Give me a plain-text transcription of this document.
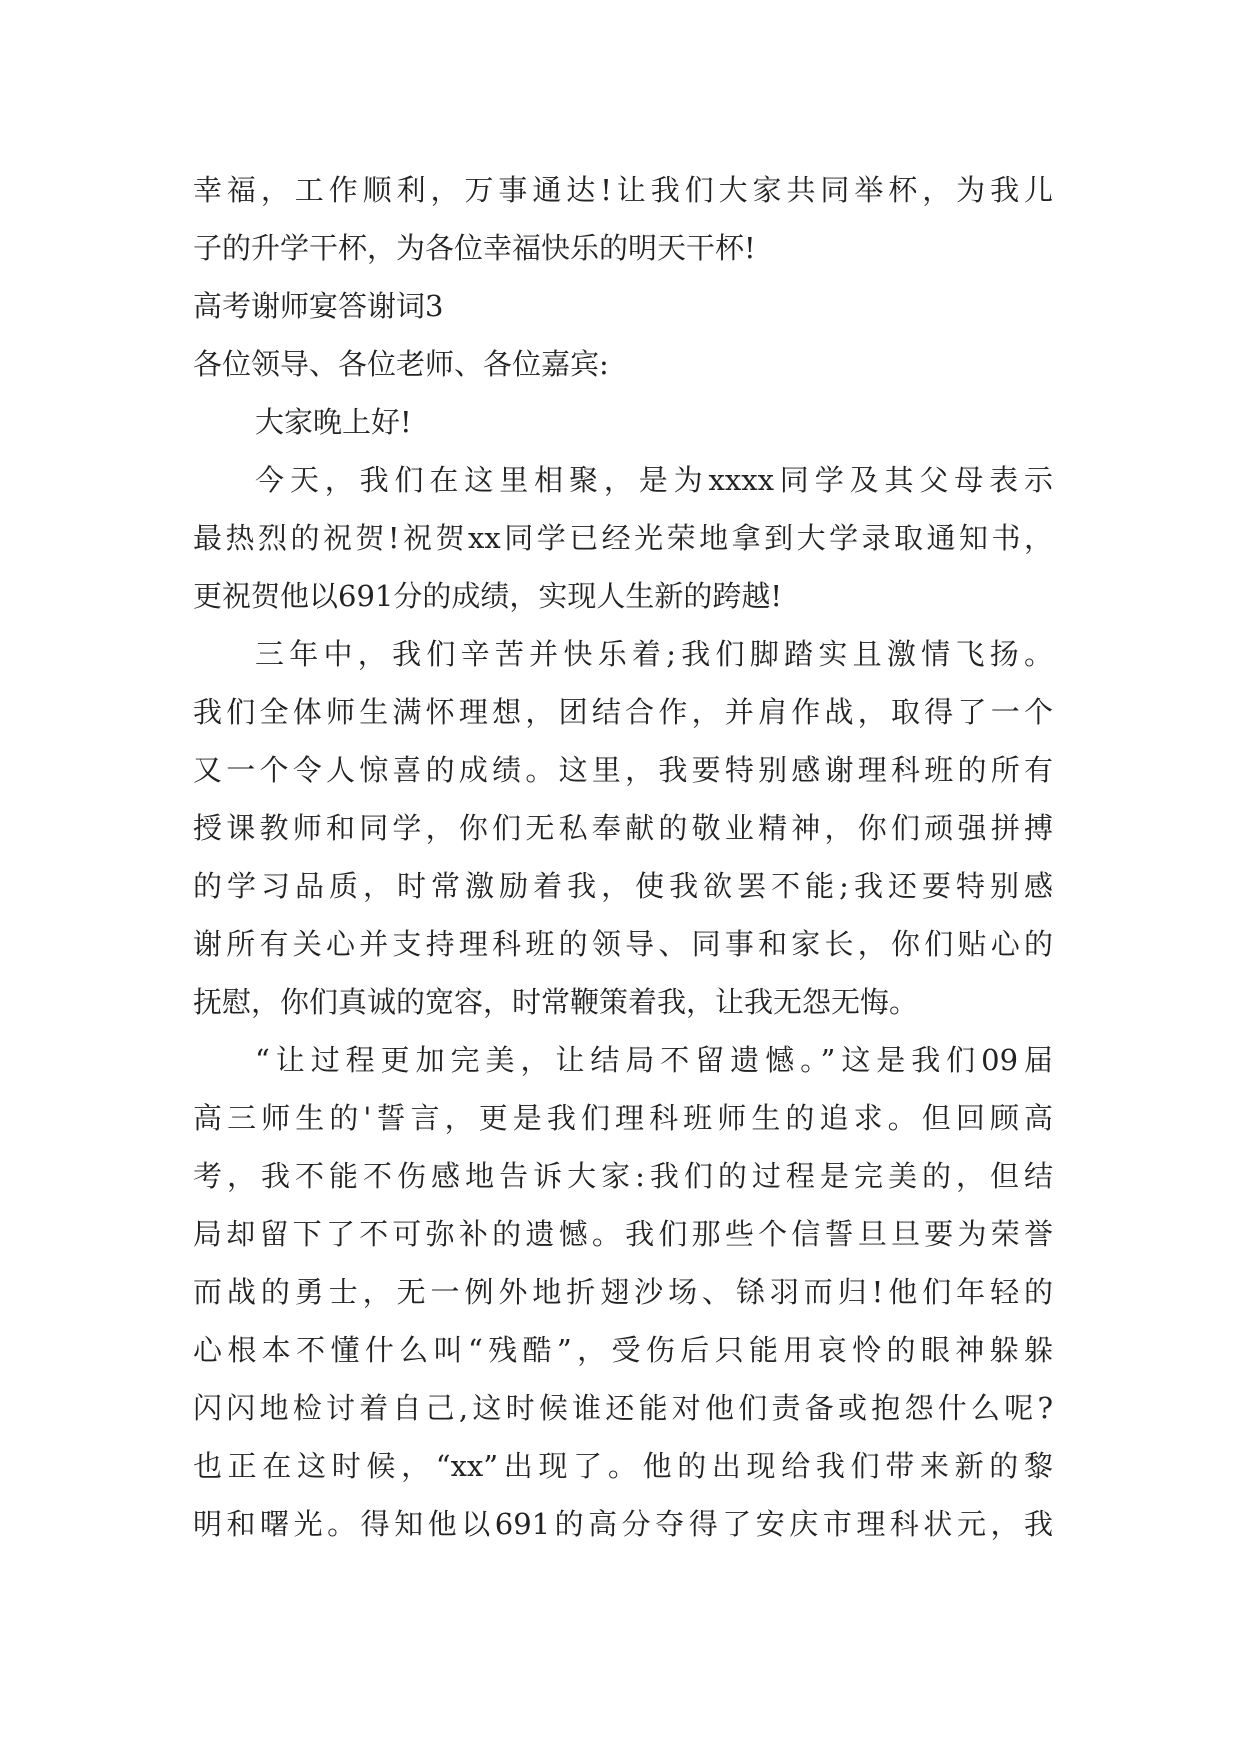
幸福，工作顺利，万事通达!让我们大家共同举杯，为我儿
子的升学干杯，为各位幸福快乐的明天干杯!
高考谢师宴答谢词3
各位领导、各位老师、各位嘉宾:
大家晚上好!
今天，我们在这里相聚，是为xxxx同学及其父母表示
最热烈的祝贺!祝贺xx同学已经光荣地拿到大学录取通知书，
更祝贺他以691分的成绩，实现人生新的跨越!
三年中，我们辛苦并快乐着;我们脚踏实且激情飞扬。
我们全体师生满怀理想，团结合作，并肩作战，取得了一个
又一个令人惊喜的成绩。这里，我要特别感谢理科班的所有
授课教师和同学，你们无私奉献的敬业精神，你们顽强拼搏
的学习品质，时常激励着我，使我欲罢不能;我还要特别感
谢所有关心并支持理科班的领导、同事和家长，你们贴心的
抚慰，你们真诚的宽容，时常鞭策着我，让我无怨无悔。
“让过程更加完美，让结局不留遗憾。”这是我们09届
高三师生的'誓言，更是我们理科班师生的追求。但回顾高
考，我不能不伤感地告诉大家:我们的过程是完美的，但结
局却留下了不可弥补的遗憾。我们那些个信誓旦旦要为荣誉
而战的勇士，无一例外地折翅沙场、铩羽而归!他们年轻的
心根本不懂什么叫“残酷”，受伤后只能用哀怜的眼神躲躲
闪闪地检讨着自己,这时候谁还能对他们责备或抱怨什么呢?
也正在这时候，“xx”出现了。他的出现给我们带来新的黎
明和曙光。得知他以691的高分夺得了安庆市理科状元，我
